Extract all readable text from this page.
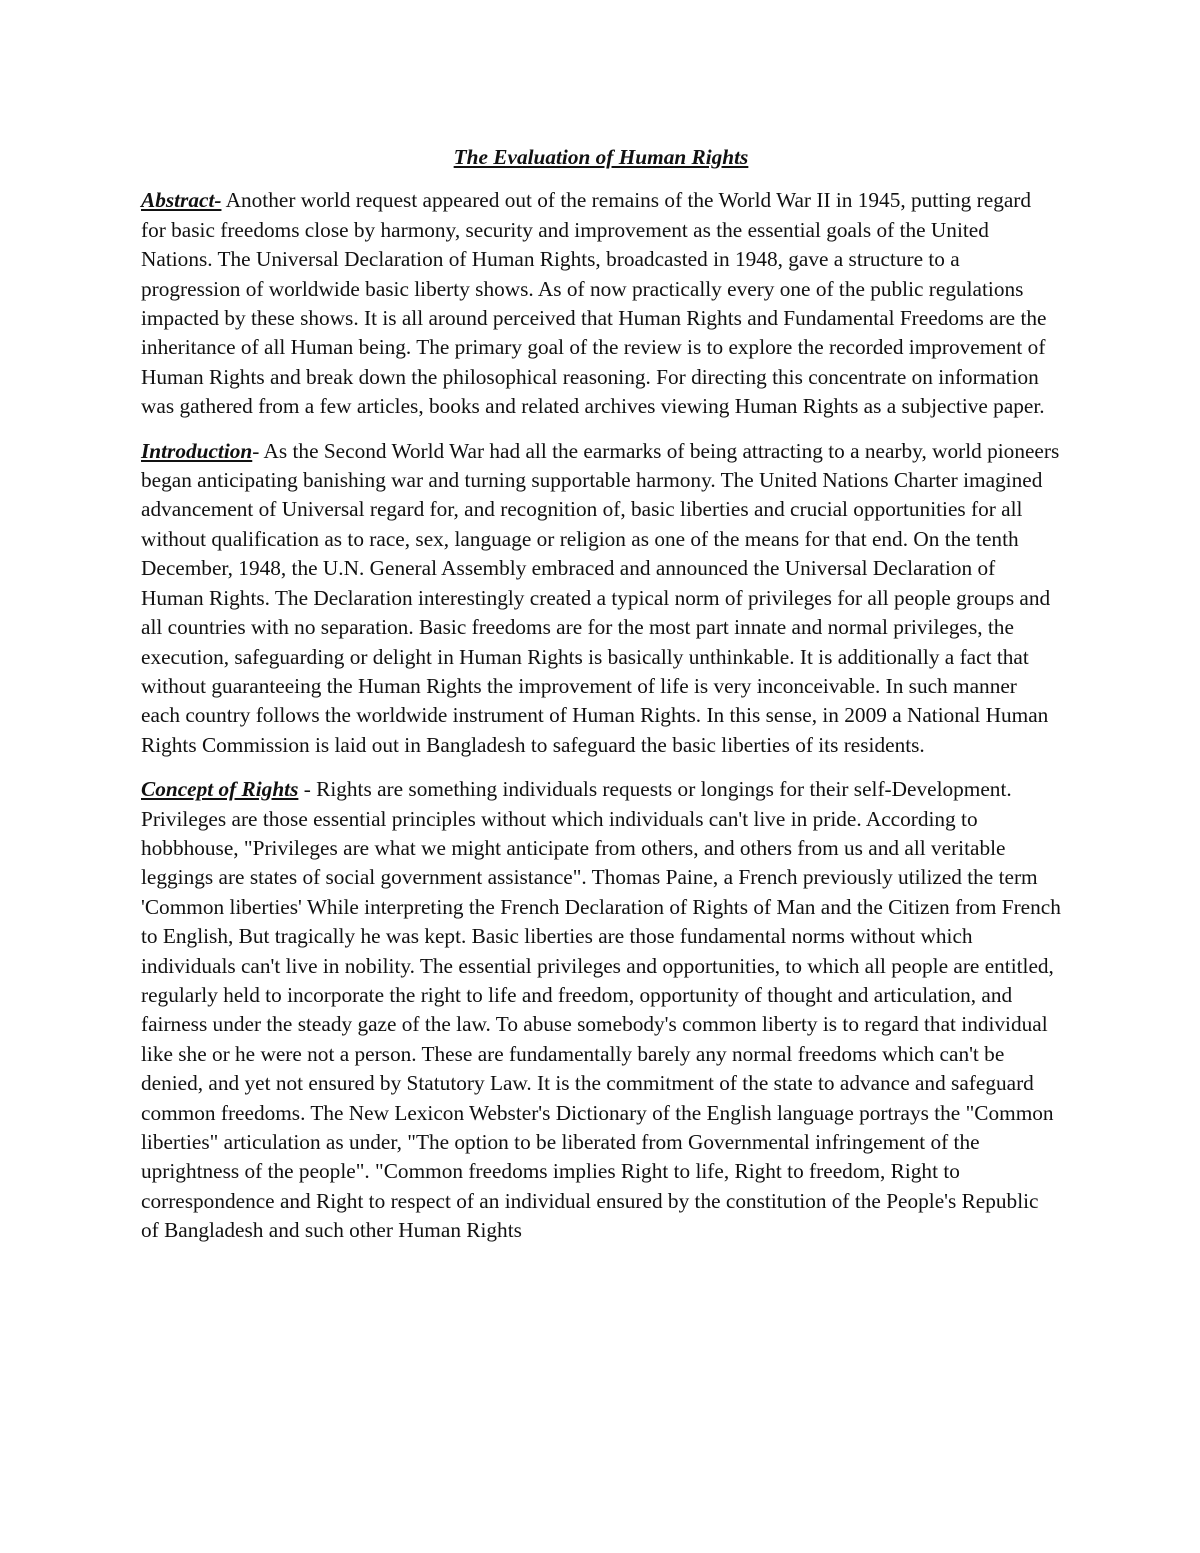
The Evaluation of Human Rights

Abstract- Another world request appeared out of the remains of the World War II in 1945, putting regard for basic freedoms close by harmony, security and improvement as the essential goals of the United Nations. The Universal Declaration of Human Rights, broadcasted in 1948, gave a structure to a progression of worldwide basic liberty shows. As of now practically every one of the public regulations impacted by these shows. It is all around perceived that Human Rights and Fundamental Freedoms are the inheritance of all Human being. The primary goal of the review is to explore the recorded improvement of Human Rights and break down the philosophical reasoning. For directing this concentrate on information was gathered from a few articles, books and related archives viewing Human Rights as a subjective paper.

Introduction- As the Second World War had all the earmarks of being attracting to a nearby, world pioneers began anticipating banishing war and turning supportable harmony. The United Nations Charter imagined advancement of Universal regard for, and recognition of, basic liberties and crucial opportunities for all without qualification as to race, sex, language or religion as one of the means for that end. On the tenth December, 1948, the U.N. General Assembly embraced and announced the Universal Declaration of Human Rights. The Declaration interestingly created a typical norm of privileges for all people groups and all countries with no separation. Basic freedoms are for the most part innate and normal privileges, the execution, safeguarding or delight in Human Rights is basically unthinkable. It is additionally a fact that without guaranteeing the Human Rights the improvement of life is very inconceivable. In such manner each country follows the worldwide instrument of Human Rights. In this sense, in 2009 a National Human Rights Commission is laid out in Bangladesh to safeguard the basic liberties of its residents.

Concept of Rights - Rights are something individuals requests or longings for their self-Development. Privileges are those essential principles without which individuals can't live in pride. According to hobbhouse, "Privileges are what we might anticipate from others, and others from us and all veritable leggings are states of social government assistance". Thomas Paine, a French previously utilized the term 'Common liberties' While interpreting the French Declaration of Rights of Man and the Citizen from French to English, But tragically he was kept. Basic liberties are those fundamental norms without which individuals can't live in nobility. The essential privileges and opportunities, to which all people are entitled, regularly held to incorporate the right to life and freedom, opportunity of thought and articulation, and fairness under the steady gaze of the law. To abuse somebody's common liberty is to regard that individual like she or he were not a person. These are fundamentally barely any normal freedoms which can't be denied, and yet not ensured by Statutory Law. It is the commitment of the state to advance and safeguard common freedoms. The New Lexicon Webster's Dictionary of the English language portrays the "Common liberties" articulation as under, "The option to be liberated from Governmental infringement of the uprightness of the people". "Common freedoms implies Right to life, Right to freedom, Right to correspondence and Right to respect of an individual ensured by the constitution of the People's Republic of Bangladesh and such other Human Rights
